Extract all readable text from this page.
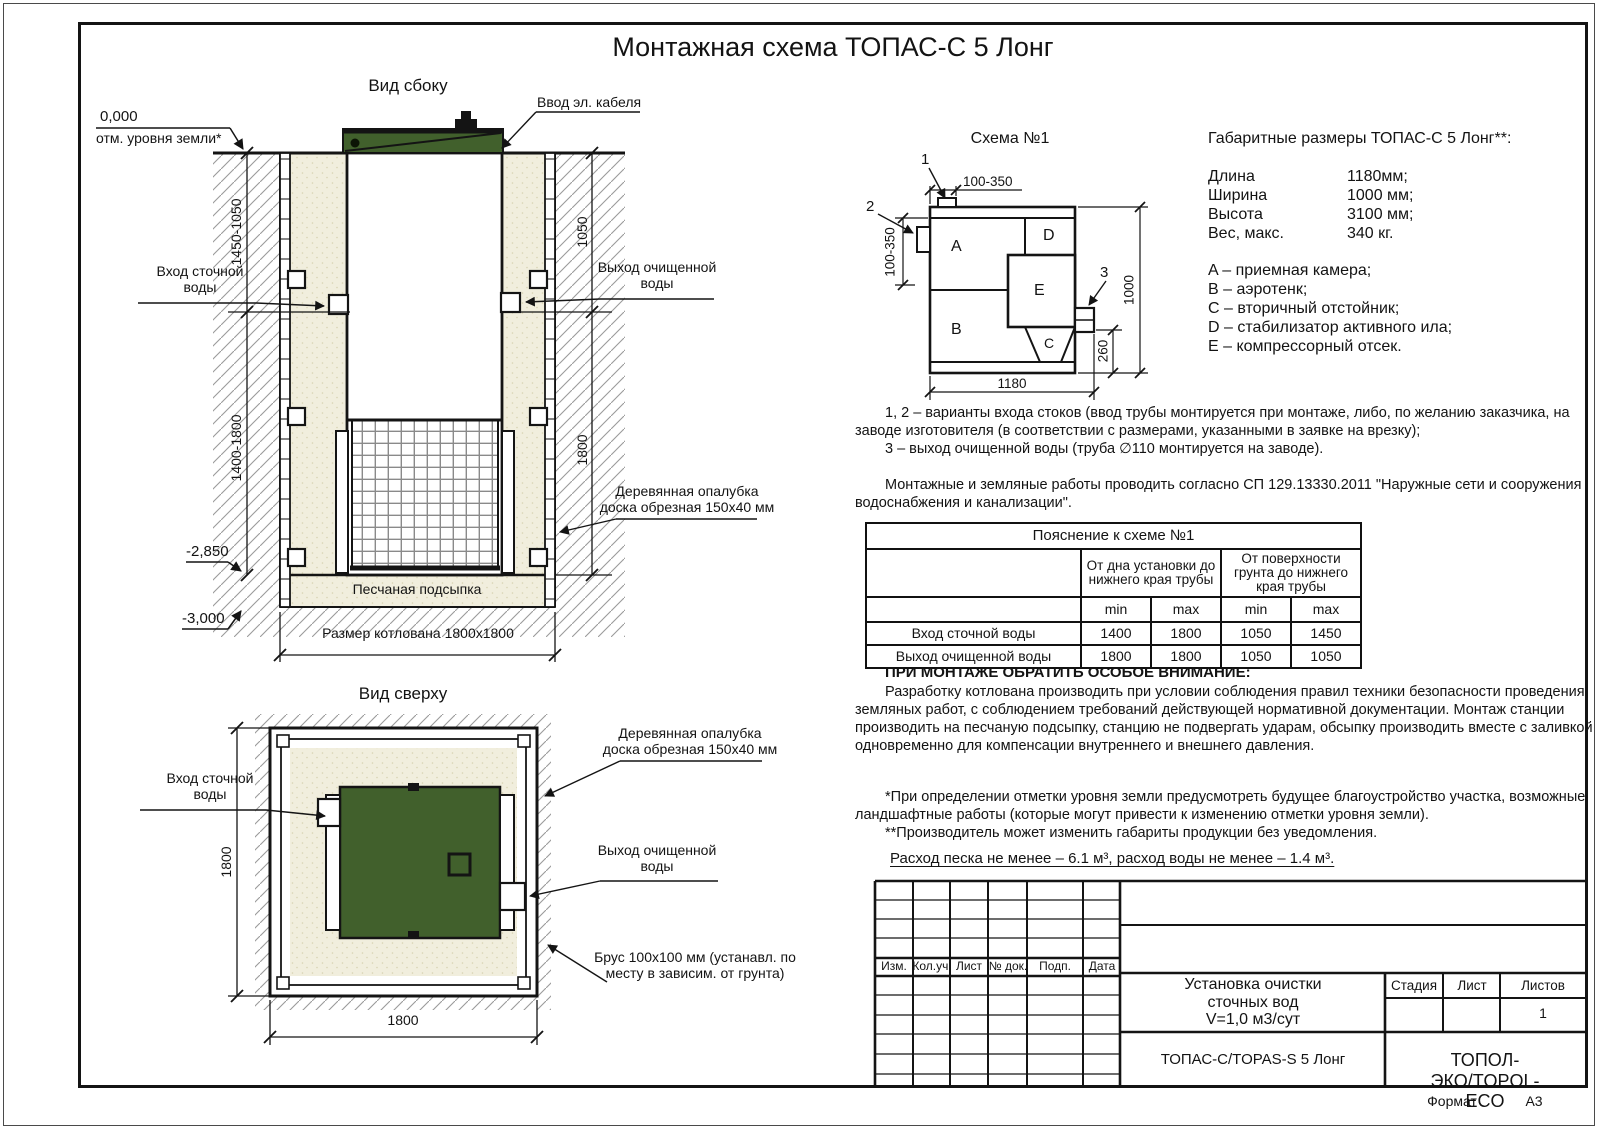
Монтажная схема ТОПАС-С 5 Лонг
Вид сбоку
0,000
отм. уровня земли*
Ввод эл. кабеля
1450-1050
1400-1800
1050
1800
-2,850
-3,000
Вход сточной
воды
Выход очищенной
воды
Деревянная опалубка
доска обрезная 150х40 мм
Песчаная подсыпка
Размер котлована 1800х1800
Вид сверху
1800
1800
Вход сточной
воды
Выход очищенной
воды
Деревянная опалубка
доска обрезная 150х40 мм
Брус 100х100 мм (устанавл. по
месту в зависим. от грунта)
Схема №1
1
2
3
100-350
100-350
1180
1000
260
A
B
C
D
E
Габаритные размеры ТОПАС-С 5 Лонг**:
Длина	1180мм;
Ширина	1000 мм;
Высота	3100 мм;
Вес, макс.	340 кг.
A – приемная камера;
B – аэротенк;
C – вторичный отстойник;
D – стабилизатор активного ила;
E – компрессорный отсек.
1, 2 – варианты входа стоков (ввод трубы монтируется при монтаже, либо, по желанию заказчика, на
заводе изготовителя (в соответствии с размерами, указанными в заявке на врезку);
3 – выход очищенной воды (труба ∅110 монтируется на заводе).
Монтажные и земляные работы проводить согласно СП 129.13330.2011 "Наружные сети и сооружения
водоснабжения и канализации".
Пояснение к схеме №1				
	От дна установки до нижнего края трубы		От поверхности грунта до нижнего края трубы	
	min	max	min	max
Вход сточной воды	1400	1800	1050	1450
Выход очищенной воды	1800	1800	1050	1050
ПРИ МОНТАЖЕ ОБРАТИТЬ ОСОБОЕ ВНИМАНИЕ:
Разработку котлована производить при условии соблюдения правил техники безопасности проведения
земляных работ, с соблюдением требований действующей нормативной документации. Монтаж станции
производить на песчаную подсыпку, станцию не подвергать ударам, обсыпку производить вместе с заливкой
одновременно для компенсации внутреннего и внешнего давления.
*При определении отметки уровня земли предусмотреть будущее благоустройство участка, возможные
ландшафтные работы (которые могут привести к изменению отметки уровня земли).
**Производитель может изменить габариты продукции без уведомления.
Расход песка не менее – 6.1 м³, расход воды не менее – 1.4 м³.
Изм. Кол.уч. Лист № док. Подп. Дата
Установка очистки
сточных вод
V=1,0 м3/сут
Стадия Лист	Листов
1
ТОПАС-С/TOPAS-S 5 Лонг	ТОПОЛ-ЭКО/TOPOL-ECO
Формат	А3
